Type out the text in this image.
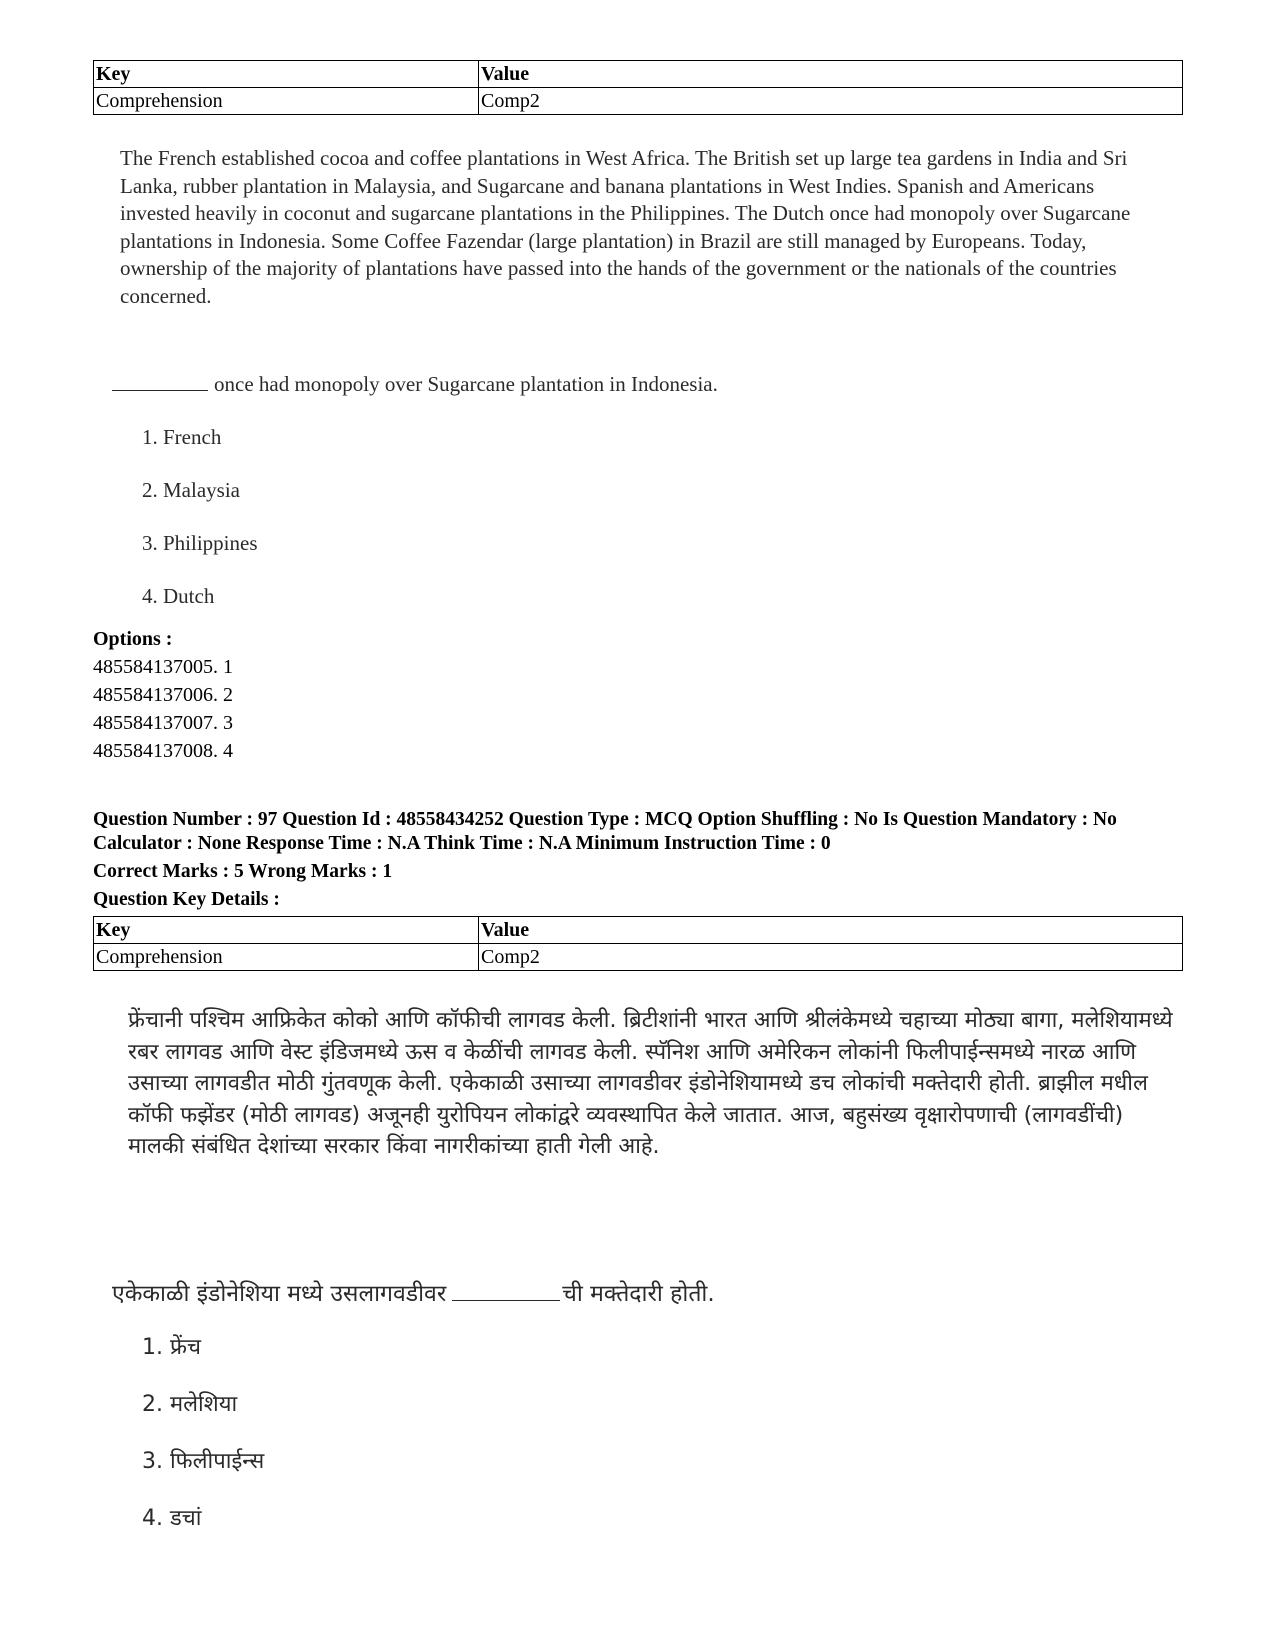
Key	Value
Comprehension	Comp2
The French established cocoa and coffee plantations in West Africa. The British set up large tea gardens in India and Sri Lanka, rubber plantation in Malaysia, and Sugarcane and banana plantations in West Indies. Spanish and Americans invested heavily in coconut and sugarcane plantations in the Philippines. The Dutch once had monopoly over Sugarcane plantations in Indonesia. Some Coffee Fazendar (large plantation) in Brazil are still managed by Europeans. Today, ownership of the majority of plantations have passed into the hands of the government or the nationals of the countries concerned.
once had monopoly over Sugarcane plantation in Indonesia.
1. French
2. Malaysia
3. Philippines
4. Dutch
Options :
485584137005. 1
485584137006. 2
485584137007. 3
485584137008. 4
Question Number : 97 Question Id : 48558434252 Question Type : MCQ Option Shuffling : No Is Question Mandatory : No Calculator : None Response Time : N.A Think Time : N.A Minimum Instruction Time : 0
Correct Marks : 5 Wrong Marks : 1
Question Key Details :
Key	Value
Comprehension	Comp2
फ्रेंचानी पश्चिम आफ्रिकेत कोको आणि कॉफीची लागवड केली. ब्रिटीशांनी भारत आणि श्रीलंकेमध्ये चहाच्या मोठ्या बागा, मलेशियामध्ये रबर लागवड आणि वेस्ट इंडिजमध्ये ऊस व केळींची लागवड केली. स्पॅनिश आणि अमेरिकन लोकांनी फिलीपाईन्समध्ये नारळ आणि उसाच्या लागवडीत मोठी गुंतवणूक केली. एकेकाळी उसाच्या लागवडीवर इंडोनेशियामध्ये डच लोकांची मक्तेदारी होती. ब्राझील मधील कॉफी फझेंडर (मोठी लागवड) अजूनही युरोपियन लोकांद्वरे व्यवस्थापित केले जातात. आज, बहुसंख्य वृक्षारोपणाची (लागवडींची) मालकी संबंधित देशांच्या सरकार किंवा नागरीकांच्या हाती गेली आहे.
एकेकाळी इंडोनेशिया मध्ये उसलागवडीवर	ची मक्तेदारी होती.
1. फ्रेंच
2. मलेशिया
3. फिलीपाईन्स
4. डचां
